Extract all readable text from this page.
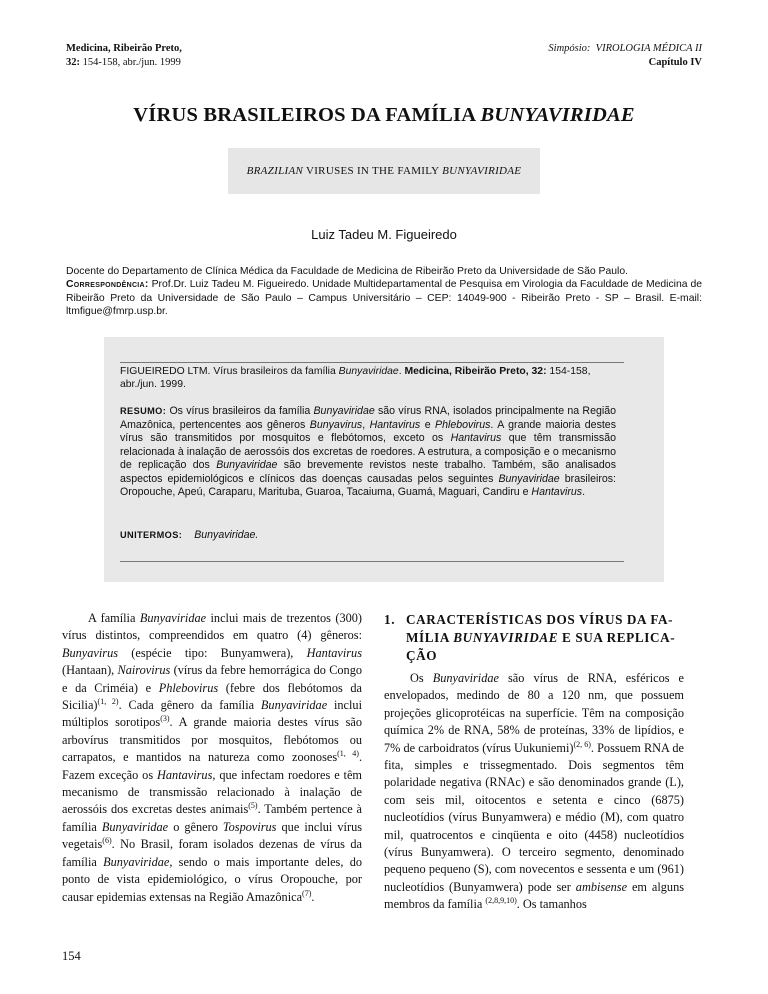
Medicina, Ribeirão Preto,
32: 154-158, abr./jun. 1999
Simpósio: VIROLOGIA MÉDICA II
Capítulo IV
VÍRUS BRASILEIROS DA FAMÍLIA BUNYAVIRIDAE
BRAZILIAN VIRUSES IN THE FAMILY BUNYAVIRIDAE
Luiz Tadeu M. Figueiredo
Docente do Departamento de Clínica Médica da Faculdade de Medicina de Ribeirão Preto da Universidade de São Paulo.
Correspondência: Prof.Dr. Luiz Tadeu M. Figueiredo. Unidade Multidepartamental de Pesquisa em Virologia da Faculdade de Medicina de Ribeirão Preto da Universidade de São Paulo – Campus Universitário – CEP: 14049-900 - Ribeirão Preto - SP – Brasil. E-mail: ltmfigue@fmrp.usp.br.
FIGUEIREDO LTM. Vírus brasileiros da família Bunyaviridae. Medicina, Ribeirão Preto, 32: 154-158, abr./jun. 1999.
RESUMO: Os vírus brasileiros da família Bunyaviridae são vírus RNA, isolados principalmente na Região Amazônica, pertencentes aos gêneros Bunyavirus, Hantavirus e Phlebovirus. A grande maioria destes vírus são transmitidos por mosquitos e flebótomos, exceto os Hantavirus que têm transmissão relacionada à inalação de aerossóis dos excretas de roedores. A estrutura, a composição e o mecanismo de replicação dos Bunyaviridae são brevemente revistos neste trabalho. Também, são analisados aspectos epidemiológicos e clínicos das doenças causadas pelos seguintes Bunyaviridae brasileiros: Oropouche, Apeú, Caraparu, Marituba, Guaroa, Tacaiuma, Guamá, Maguari, Candiru e Hantavirus.
UNITERMOS: Bunyaviridae.
A família Bunyaviridae inclui mais de trezentos (300) vírus distintos, compreendidos em quatro (4) gêneros: Bunyavirus (espécie tipo: Bunyamwera), Hantavirus (Hantaan), Nairovirus (vírus da febre hemorrágica do Congo e da Criméia) e Phlebovirus (febre dos flebótomos da Sicilia)$^{(1, 2)}$. Cada gênero da família Bunyaviridae inclui múltiplos sorotipos$^{(3)}$. A grande maioria destes vírus são arbovírus transmitidos por mosquitos, flebótomos ou carrapatos, e mantidos na natureza como zoonoses$^{(1, 4)}$. Fazem exceção os Hantavirus, que infectam roedores e têm mecanismo de transmissão relacionado à inalação de aerossóis dos excretas destes animais$^{(5)}$. Também pertence à família Bunyaviridae o gênero Tospovirus que inclui vírus vegetais$^{(6)}$. No Brasil, foram isolados dezenas de vírus da família Bunyaviridae, sendo o mais importante deles, do ponto de vista epidemiológico, o vírus Oropouche, por causar epidemias extensas na Região Amazônica$^{(7)}$.
1. CARACTERÍSTICAS DOS VÍRUS DA FA-
MÍLIA BUNYAVIRIDAE E SUA REPLICA-
ÇÃO
Os Bunyaviridae são vírus de RNA, esféricos e envelopados, medindo de 80 a 120 nm, que possuem projeções glicoprotéicas na superfície. Têm na composição química 2% de RNA, 58% de proteínas, 33% de lipídios, e 7% de carboidratos (vírus Uukuniemi)$^{(2, 6)}$. Possuem RNA de fita, simples e trissegmentado. Dois segmentos têm polaridade negativa (RNAc) e são denominados grande (L), com seis mil, oitocentos e setenta e cinco (6875) nucleotídios (vírus Bunyamwera) e médio (M), com quatro mil, quatrocentos e cinqüenta e oito (4458) nucleotídios (vírus Bunyamwera). O terceiro segmento, denominado pequeno pequeno (S), com novecentos e sessenta e um (961) nucleotídios (Bunyamwera) pode ser ambisense em alguns membros da família $^{(2,8,9,10)}$. Os tamanhos
154
